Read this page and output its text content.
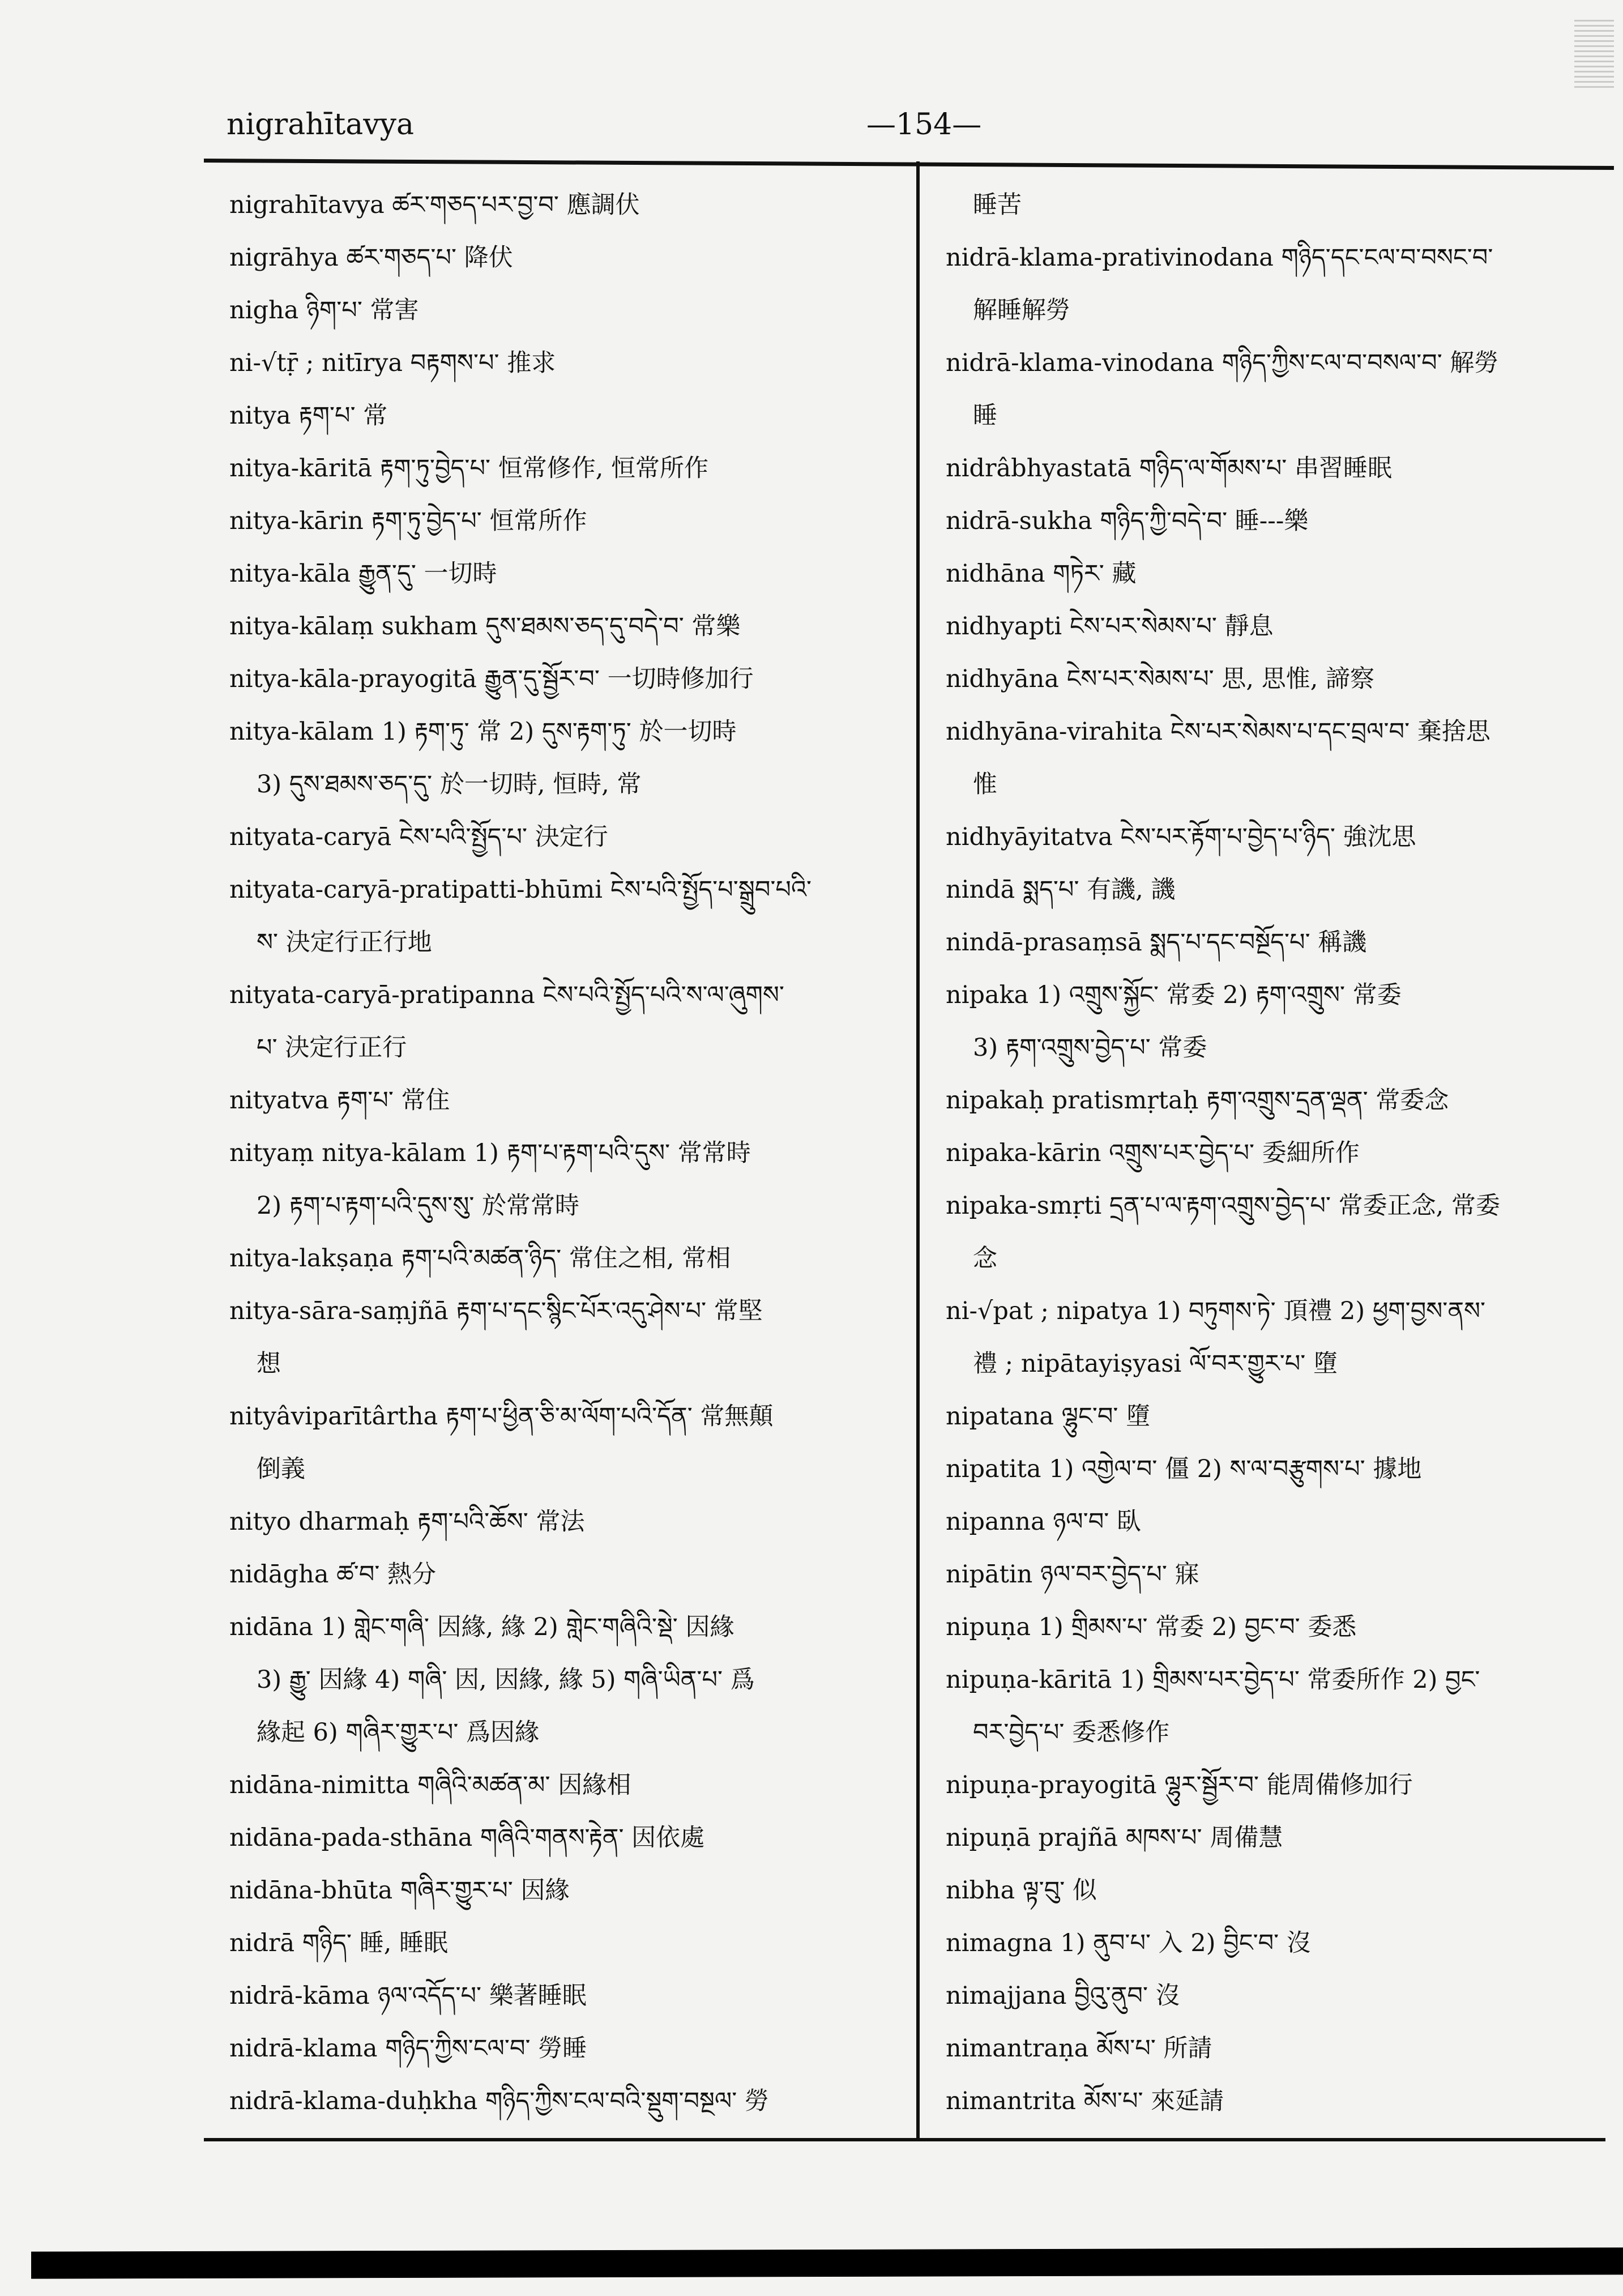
nigrahītavya	—154—
nigrahītavya ཚར་གཅད་པར་བྱ་བ་ 應調伏
nigrāhya ཚར་གཅད་པ་ 降伏
nigha ཉིག་པ་ 常害
ni-√tṝ ; nitīrya བརྟགས་པ་ 推求
nitya རྟག་པ་ 常
nitya-kāritā རྟག་ཏུ་བྱེད་པ་ 恒常修作, 恒常所作
nitya-kārin རྟག་ཏུ་བྱེད་པ་ 恒常所作
nitya-kāla རྒྱུན་དུ་ 一切時
nitya-kālaṃ sukham དུས་ཐམས་ཅད་དུ་བདེ་བ་ 常樂
nitya-kāla-prayogitā རྒྱུན་དུ་སྦྱོར་བ་ 一切時修加行
nitya-kālam 1) རྟག་ཏུ་ 常 2) དུས་རྟག་ཏུ་ 於一切時
3) དུས་ཐམས་ཅད་དུ་ 於一切時, 恒時, 常
nityata-caryā ངེས་པའི་སྤྱོད་པ་ 決定行
nityata-caryā-pratipatti-bhūmi ངེས་པའི་སྤྱོད་པ་སྒྲུབ་པའི་
ས་ 決定行正行地
nityata-caryā-pratipanna ངེས་པའི་སྤྱོད་པའི་ས་ལ་ཞུགས་
པ་ 決定行正行
nityatva རྟག་པ་ 常住
nityaṃ nitya-kālam 1) རྟག་པ་རྟག་པའི་དུས་ 常常時
2) རྟག་པ་རྟག་པའི་དུས་སུ་ 於常常時
nitya-lakṣaṇa རྟག་པའི་མཚན་ཉིད་ 常住之相, 常相
nitya-sāra-saṃjñā རྟག་པ་དང་སྙིང་པོར་འདུ་ཤེས་པ་ 常堅
想
nityâviparītârtha རྟག་པ་ཕྱིན་ཅི་མ་ལོག་པའི་དོན་ 常無顛
倒義
nityo dharmaḥ རྟག་པའི་ཆོས་ 常法
nidāgha ཚ་བ་ 熱分
nidāna 1) གླེང་གཞི་ 因緣, 緣 2) གླེང་གཞིའི་སྡེ་ 因緣
3) རྒྱུ་ 因緣 4) གཞི་ 因, 因緣, 緣 5) གཞི་ཡིན་པ་ 爲
緣起 6) གཞིར་གྱུར་པ་ 爲因緣
nidāna-nimitta གཞིའི་མཚན་མ་ 因緣相
nidāna-pada-sthāna གཞིའི་གནས་རྟེན་ 因依處
nidāna-bhūta གཞིར་གྱུར་པ་ 因緣
nidrā གཉིད་ 睡, 睡眠
nidrā-kāma ཉལ་འདོད་པ་ 樂著睡眠
nidrā-klama གཉིད་ཀྱིས་ངལ་བ་ 勞睡
nidrā-klama-duḥkha གཉིད་ཀྱིས་ངལ་བའི་སྡུག་བསྔལ་ 勞
睡苦
nidrā-klama-prativinodana གཉིད་དང་ངལ་བ་བསང་བ་
解睡解勞
nidrā-klama-vinodana གཉིད་ཀྱིས་ངལ་བ་བསལ་བ་ 解勞
睡
nidrâbhyastatā གཉིད་ལ་གོམས་པ་ 串習睡眠
nidrā-sukha གཉིད་ཀྱི་བདེ་བ་ 睡---樂
nidhāna གཏེར་ 藏
nidhyapti ངེས་པར་སེམས་པ་ 靜息
nidhyāna ངེས་པར་སེམས་པ་ 思, 思惟, 諦察
nidhyāna-virahita ངེས་པར་སེམས་པ་དང་བྲལ་བ་ 棄捨思
惟
nidhyāyitatva ངེས་པར་རྟོག་པ་བྱེད་པ་ཉིད་ 強沈思
nindā སྨད་པ་ 有譏, 譏
nindā-prasaṃsā སྨད་པ་དང་བསྔོད་པ་ 稱譏
nipaka 1) འགྲུས་སྐྱོང་ 常委 2) རྟག་འགྲུས་ 常委
3) རྟག་འགྲུས་བྱེད་པ་ 常委
nipakaḥ pratismṛtaḥ རྟག་འགྲུས་དྲན་ལྡན་ 常委念
nipaka-kārin འགྲུས་པར་བྱེད་པ་ 委細所作
nipaka-smṛti དྲན་པ་ལ་རྟག་འགྲུས་བྱེད་པ་ 常委正念, 常委
念
ni-√pat ; nipatya 1) བཏུགས་ཏེ་ 頂禮 2) ཕྱག་བྱས་ནས་
禮 ; nipātayiṣyasi ལོ་བར་གྱུར་པ་ 墮
nipatana ལྷུང་བ་ 墮
nipatita 1) འགྱེལ་བ་ 僵 2) ས་ལ་བརྩུགས་པ་ 據地
nipanna ཉལ་བ་ 臥
nipātin ཉལ་བར་བྱེད་པ་ 寐
nipuṇa 1) གྲིམས་པ་ 常委 2) བྱང་བ་ 委悉
nipuṇa-kāritā 1) གྲིམས་པར་བྱེད་པ་ 常委所作 2) བྱང་
བར་བྱེད་པ་ 委悉修作
nipuṇa-prayogitā ལྷུར་སྦྱོར་བ་ 能周備修加行
nipuṇā prajñā མཁས་པ་ 周備慧
nibha ལྟ་བུ་ 似
nimagna 1) ནུབ་པ་ 入 2) བྱིང་བ་ 沒
nimajjana བྱིའུ་ནུབ་ 沒
nimantraṇa མོས་པ་ 所請
nimantrita མོས་པ་ 來延請
